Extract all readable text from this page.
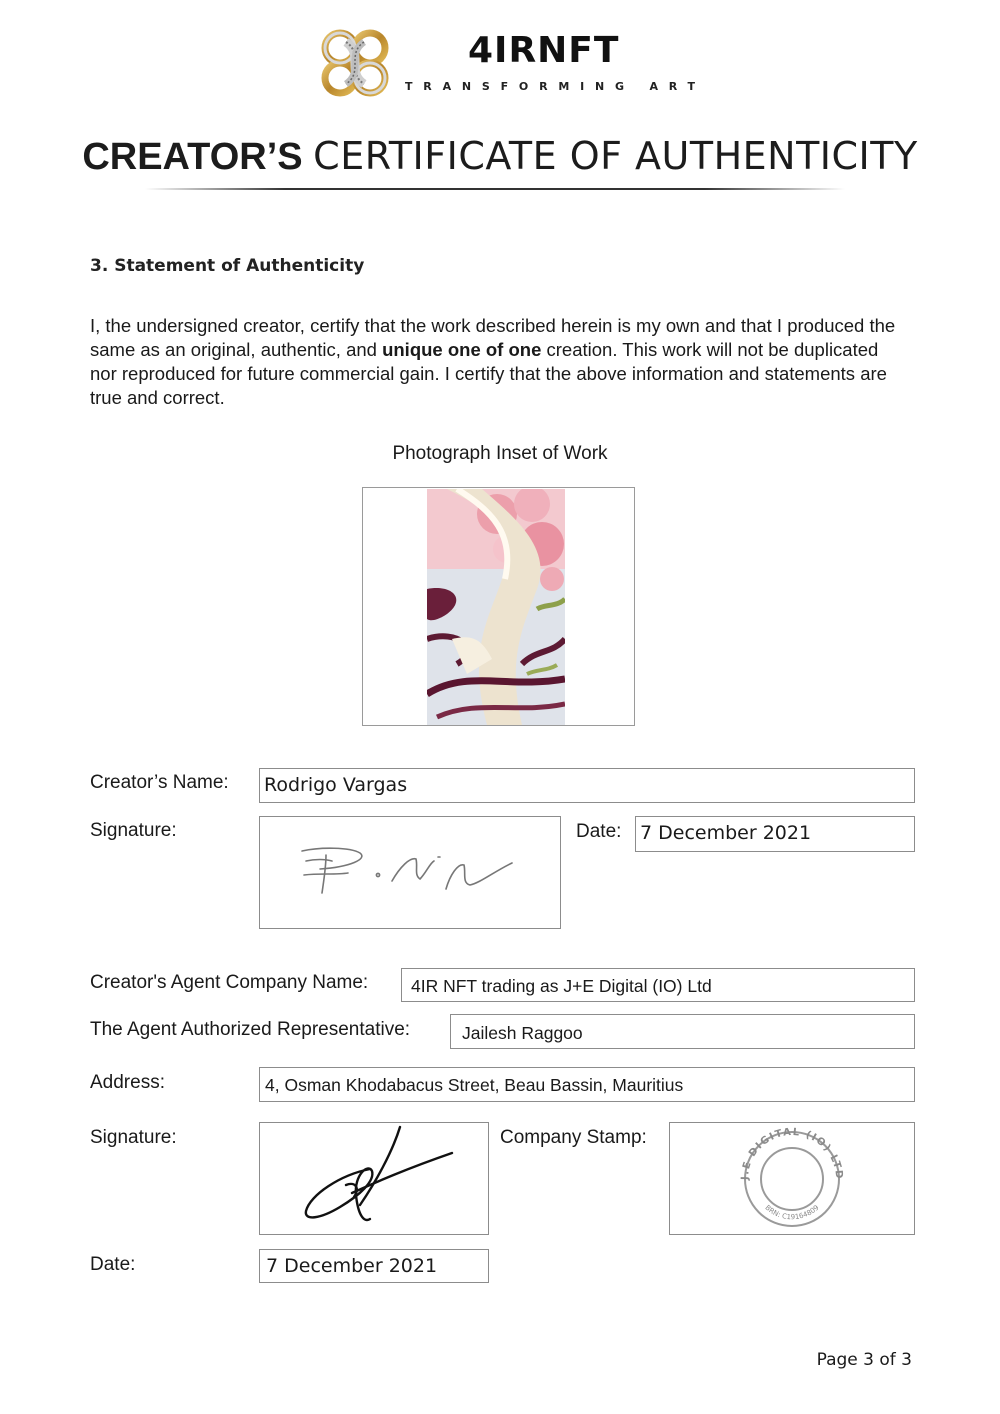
4IRNFT
TRANSFORMING ART
CREATOR’S CERTIFICATE OF AUTHENTICITY
3. Statement of Authenticity
I, the undersigned creator, certify that the work described herein is my own and that I produced the same as an original, authentic, and unique one of one creation. This work will not be duplicated nor reproduced for future commercial gain. I certify that the above information and statements are true and correct.
Photograph Inset of Work
Creator’s Name: Rodrigo Vargas
Signature:	Date: 7 December 2021
Creator's Agent Company Name: 4IR NFT trading as J+E Digital (IO) Ltd
The Agent Authorized Representative:	Jailesh Raggoo
Address:	4, Osman Khodabacus Street, Beau Bassin, Mauritius
Signature:	Company Stamp:
J.E DIGITAL (IO) LTD
BRN: C19164809
Date:	7 December 2021
Page 3 of 3
